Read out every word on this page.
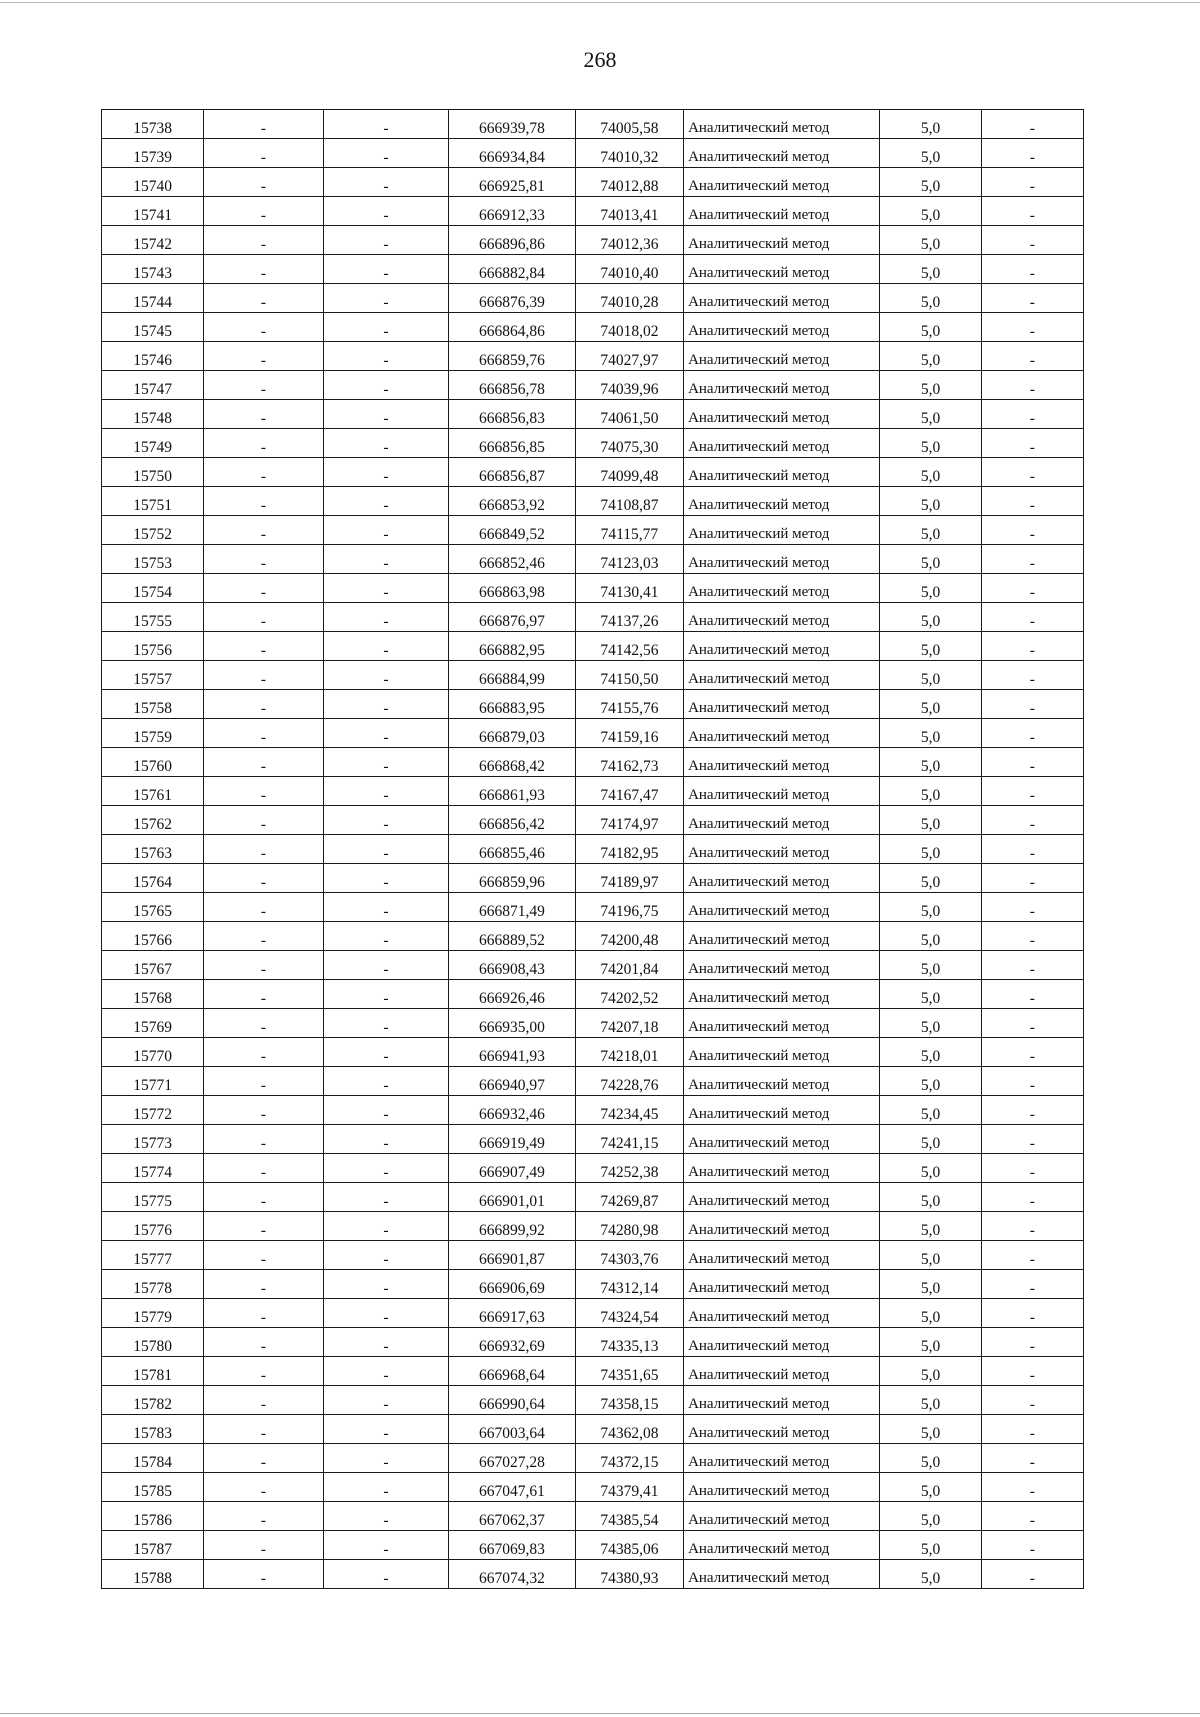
268
15738	-	-	666939,78	74005,58	Аналитический метод	5,0	-
15739	-	-	666934,84	74010,32	Аналитический метод	5,0	-
15740	-	-	666925,81	74012,88	Аналитический метод	5,0	-
15741	-	-	666912,33	74013,41	Аналитический метод	5,0	-
15742	-	-	666896,86	74012,36	Аналитический метод	5,0	-
15743	-	-	666882,84	74010,40	Аналитический метод	5,0	-
15744	-	-	666876,39	74010,28	Аналитический метод	5,0	-
15745	-	-	666864,86	74018,02	Аналитический метод	5,0	-
15746	-	-	666859,76	74027,97	Аналитический метод	5,0	-
15747	-	-	666856,78	74039,96	Аналитический метод	5,0	-
15748	-	-	666856,83	74061,50	Аналитический метод	5,0	-
15749	-	-	666856,85	74075,30	Аналитический метод	5,0	-
15750	-	-	666856,87	74099,48	Аналитический метод	5,0	-
15751	-	-	666853,92	74108,87	Аналитический метод	5,0	-
15752	-	-	666849,52	74115,77	Аналитический метод	5,0	-
15753	-	-	666852,46	74123,03	Аналитический метод	5,0	-
15754	-	-	666863,98	74130,41	Аналитический метод	5,0	-
15755	-	-	666876,97	74137,26	Аналитический метод	5,0	-
15756	-	-	666882,95	74142,56	Аналитический метод	5,0	-
15757	-	-	666884,99	74150,50	Аналитический метод	5,0	-
15758	-	-	666883,95	74155,76	Аналитический метод	5,0	-
15759	-	-	666879,03	74159,16	Аналитический метод	5,0	-
15760	-	-	666868,42	74162,73	Аналитический метод	5,0	-
15761	-	-	666861,93	74167,47	Аналитический метод	5,0	-
15762	-	-	666856,42	74174,97	Аналитический метод	5,0	-
15763	-	-	666855,46	74182,95	Аналитический метод	5,0	-
15764	-	-	666859,96	74189,97	Аналитический метод	5,0	-
15765	-	-	666871,49	74196,75	Аналитический метод	5,0	-
15766	-	-	666889,52	74200,48	Аналитический метод	5,0	-
15767	-	-	666908,43	74201,84	Аналитический метод	5,0	-
15768	-	-	666926,46	74202,52	Аналитический метод	5,0	-
15769	-	-	666935,00	74207,18	Аналитический метод	5,0	-
15770	-	-	666941,93	74218,01	Аналитический метод	5,0	-
15771	-	-	666940,97	74228,76	Аналитический метод	5,0	-
15772	-	-	666932,46	74234,45	Аналитический метод	5,0	-
15773	-	-	666919,49	74241,15	Аналитический метод	5,0	-
15774	-	-	666907,49	74252,38	Аналитический метод	5,0	-
15775	-	-	666901,01	74269,87	Аналитический метод	5,0	-
15776	-	-	666899,92	74280,98	Аналитический метод	5,0	-
15777	-	-	666901,87	74303,76	Аналитический метод	5,0	-
15778	-	-	666906,69	74312,14	Аналитический метод	5,0	-
15779	-	-	666917,63	74324,54	Аналитический метод	5,0	-
15780	-	-	666932,69	74335,13	Аналитический метод	5,0	-
15781	-	-	666968,64	74351,65	Аналитический метод	5,0	-
15782	-	-	666990,64	74358,15	Аналитический метод	5,0	-
15783	-	-	667003,64	74362,08	Аналитический метод	5,0	-
15784	-	-	667027,28	74372,15	Аналитический метод	5,0	-
15785	-	-	667047,61	74379,41	Аналитический метод	5,0	-
15786	-	-	667062,37	74385,54	Аналитический метод	5,0	-
15787	-	-	667069,83	74385,06	Аналитический метод	5,0	-
15788	-	-	667074,32	74380,93	Аналитический метод	5,0	-
